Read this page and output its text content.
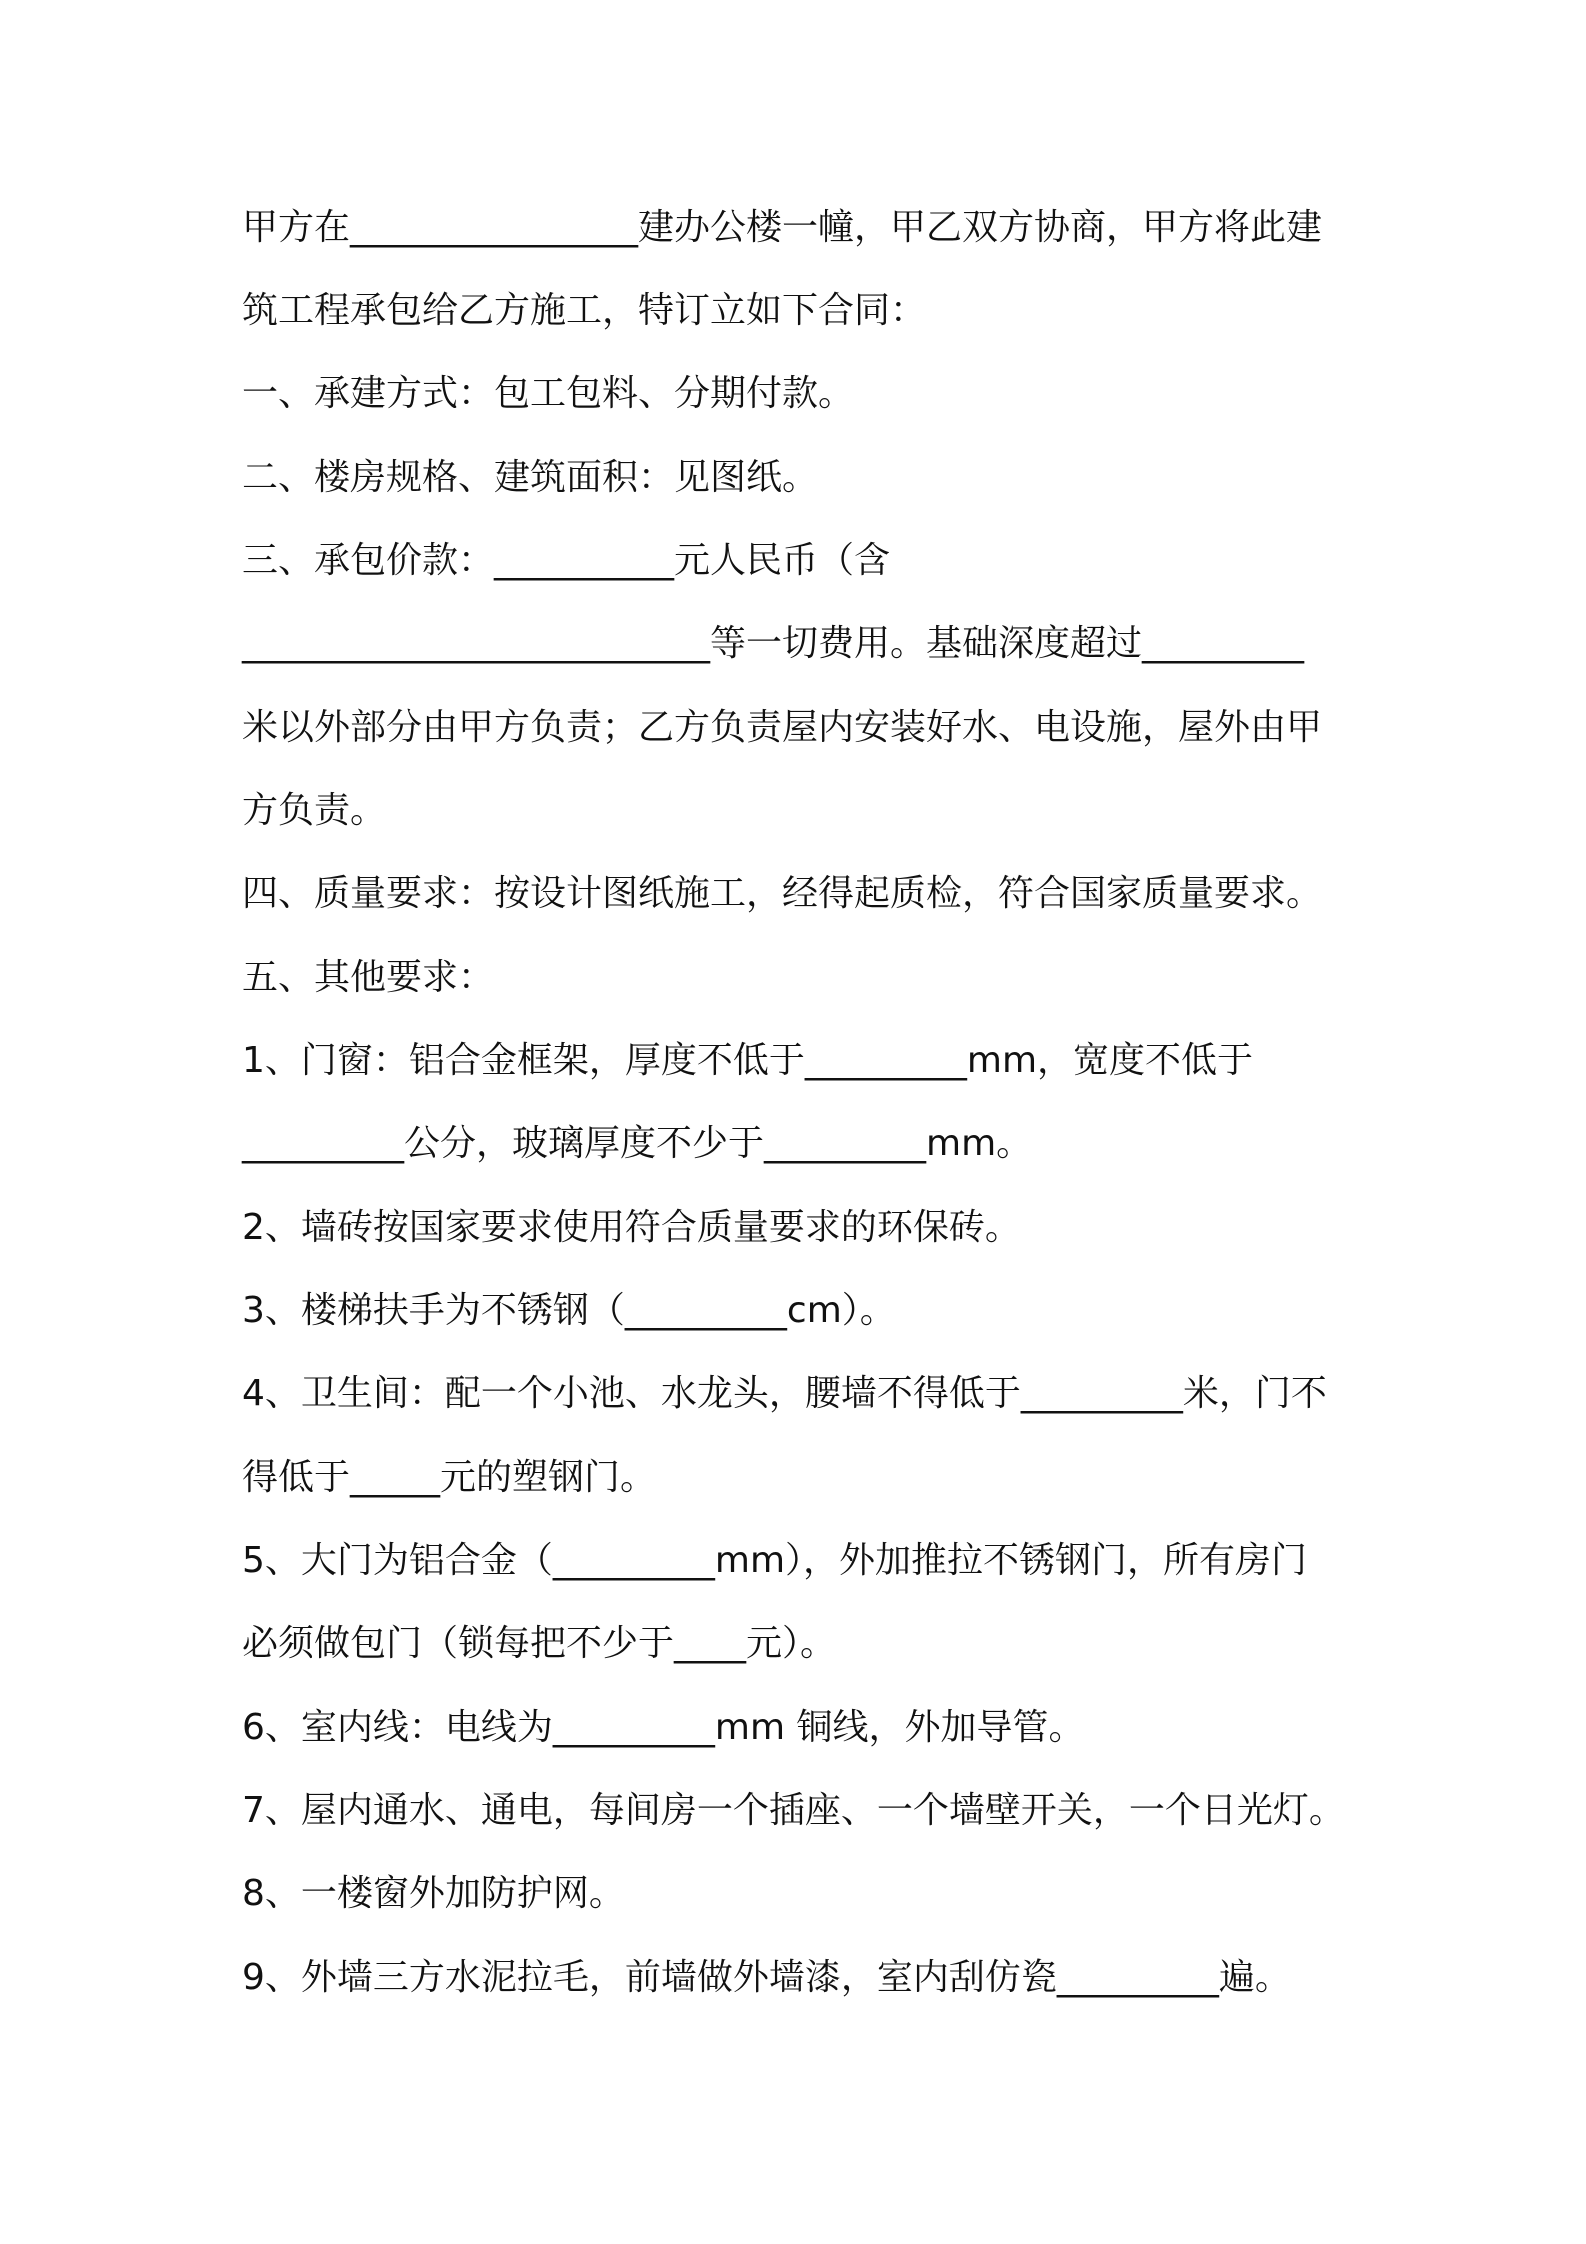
甲方在________________建办公楼一幢，甲乙双方协商，甲方将此建
筑工程承包给乙方施工，特订立如下合同：
一、承建方式：包工包料、分期付款。
二、楼房规格、建筑面积：见图纸。
三、承包价款：__________元人民币（含
__________________________等一切费用。基础深度超过_________
米以外部分由甲方负责；乙方负责屋内安装好水、电设施，屋外由甲
方负责。
四、质量要求：按设计图纸施工，经得起质检，符合国家质量要求。
五、其他要求：
1、门窗：铝合金框架，厚度不低于_________mm，宽度不低于
_________公分，玻璃厚度不少于_________mm。
2、墙砖按国家要求使用符合质量要求的环保砖。
3、楼梯扶手为不锈钢（_________cm）。
4、卫生间：配一个小池、水龙头，腰墙不得低于_________米，门不
得低于_____元的塑钢门。
5、大门为铝合金（_________mm），外加推拉不锈钢门，所有房门
必须做包门（锁每把不少于____元）。
6、室内线：电线为_________mm 铜线，外加导管。
7、屋内通水、通电，每间房一个插座、一个墙壁开关，一个日光灯。
8、一楼窗外加防护网。
9、外墙三方水泥拉毛，前墙做外墙漆，室内刮仿瓷_________遍。
